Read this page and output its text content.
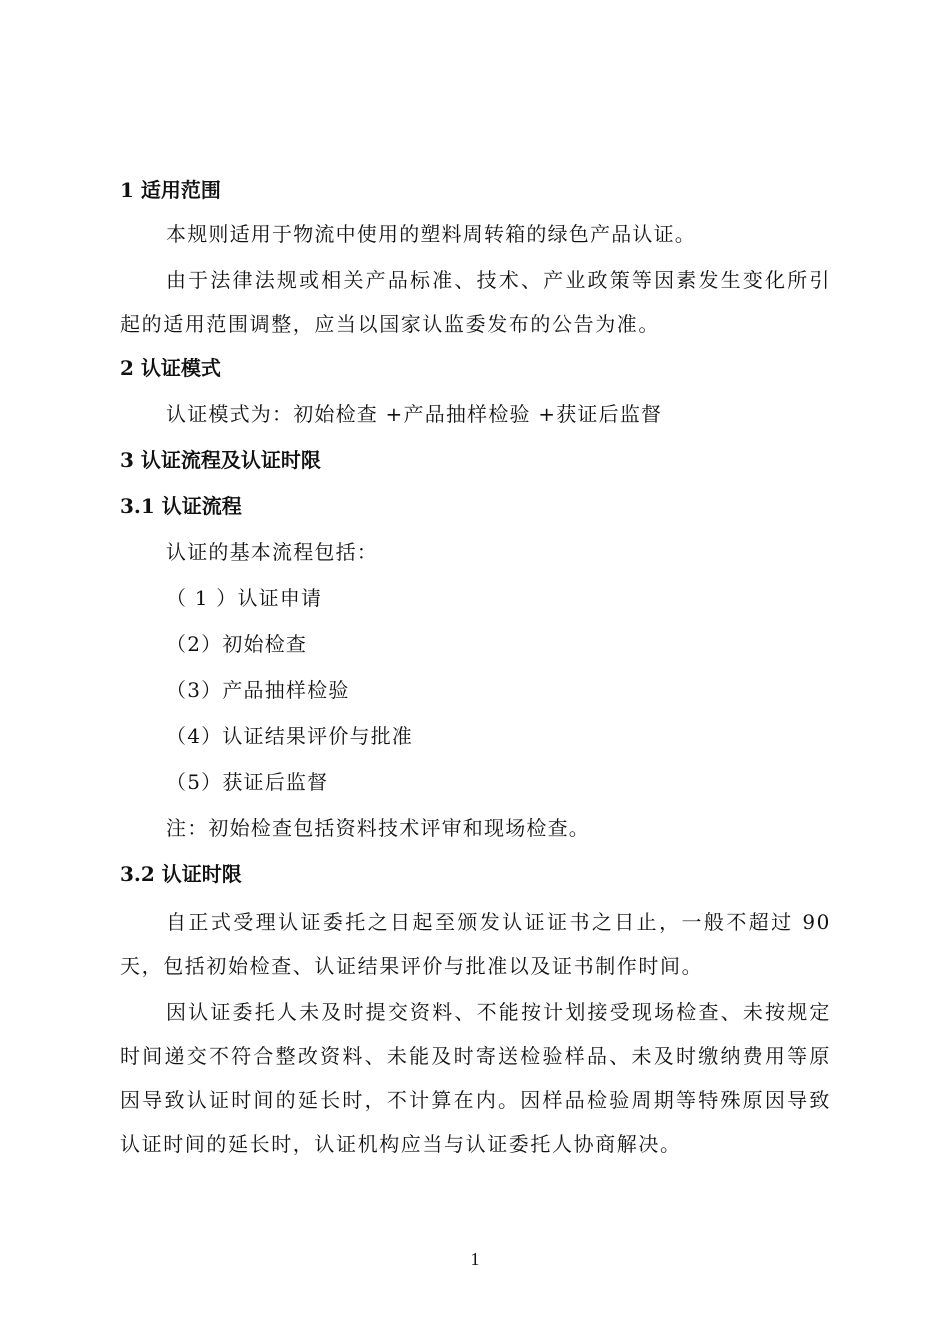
1 适用范围

本规则适用于物流中使用的塑料周转箱的绿色产品认证。

由于法律法规或相关产品标准、技术、产业政策等因素发生变化所引起的适用范围调整，应当以国家认监委发布的公告为准。

2 认证模式

认证模式为：初始检查 +产品抽样检验 +获证后监督

3 认证流程及认证时限
3.1 认证流程

认证的基本流程包括：

（ 1 ）认证申请

（2）初始检查

（3）产品抽样检验

（4）认证结果评价与批准

（5）获证后监督

注：初始检查包括资料技术评审和现场检查。

3.2 认证时限

自正式受理认证委托之日起至颁发认证证书之日止，一般不超过 90天，包括初始检查、认证结果评价与批准以及证书制作时间。

因认证委托人未及时提交资料、不能按计划接受现场检查、未按规定时间递交不符合整改资料、未能及时寄送检验样品、未及时缴纳费用等原因导致认证时间的延长时，不计算在内。因样品检验周期等特殊原因导致认证时间的延长时，认证机构应当与认证委托人协商解决。

1
